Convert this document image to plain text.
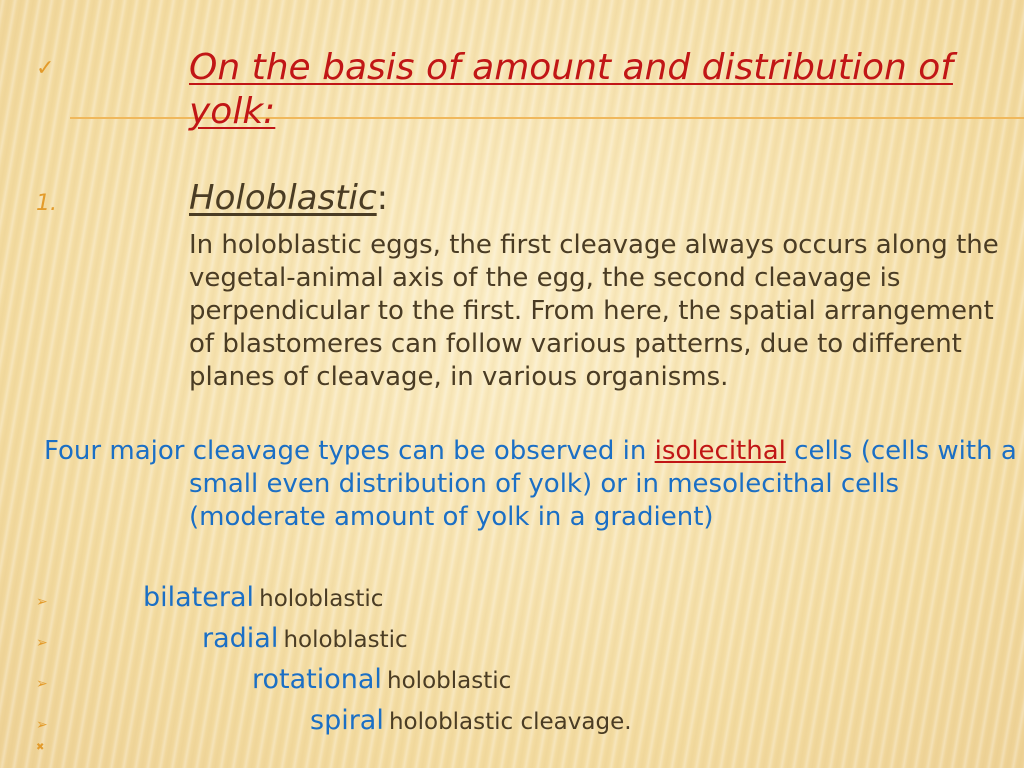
✓	On the basis of amount and distribution of yolk:
1.	Holoblastic:

In holoblastic eggs, the first cleavage always occurs along the vegetal-animal axis of the egg, the second cleavage is perpendicular to the first. From here, the spatial arrangement of blastomeres can follow various patterns, due to different planes of cleavage, in various organisms.

Four major cleavage types can be observed in isolecithal cells (cells with a small even distribution of yolk) or in mesolecithal cells (moderate amount of yolk in a gradient)

➢	bilateral holoblastic
➢	radial holoblastic
➢	rotational holoblastic
➢	spiral holoblastic cleavage.
✖
